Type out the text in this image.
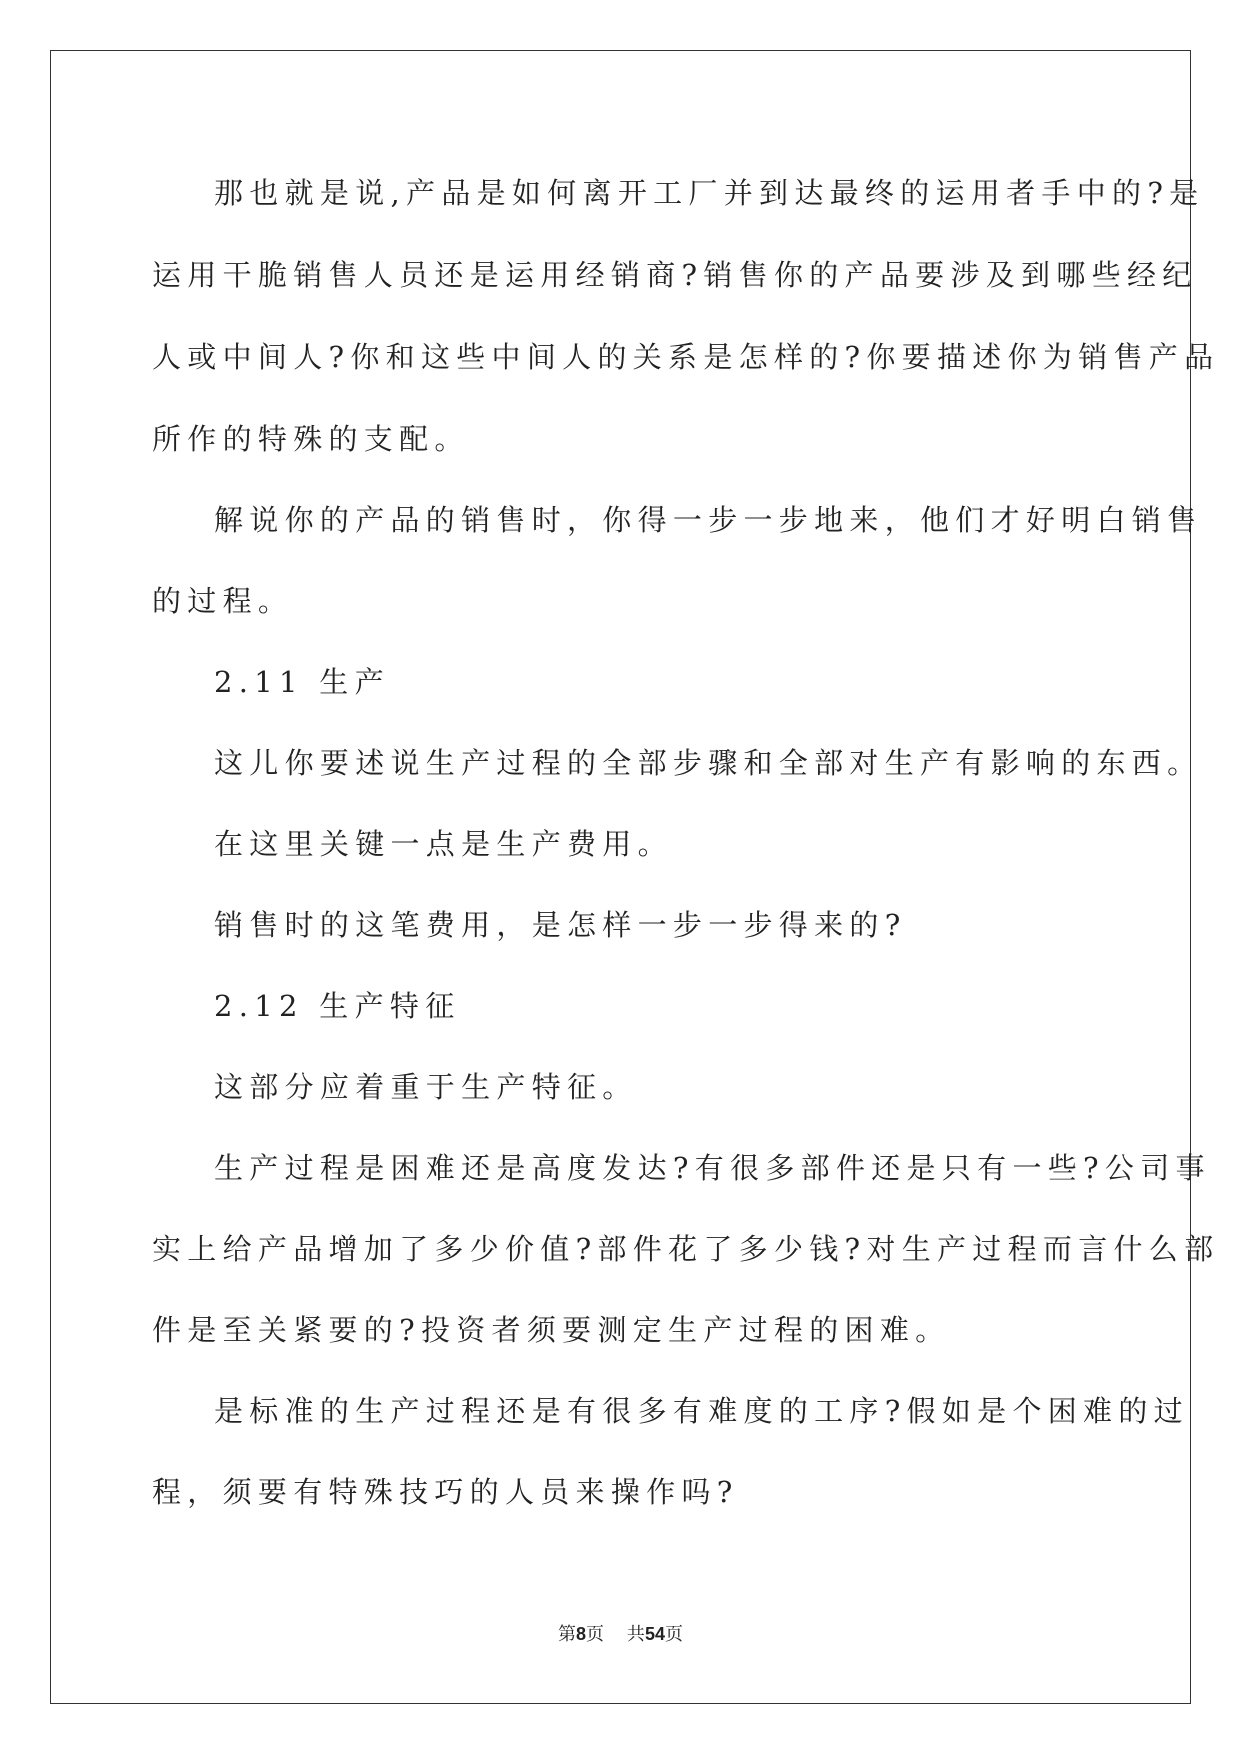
那也就是说,产品是如何离开工厂并到达最终的运用者手中的?是
运用干脆销售人员还是运用经销商?销售你的产品要涉及到哪些经纪
人或中间人?你和这些中间人的关系是怎样的?你要描述你为销售产品
所作的特殊的支配。
解说你的产品的销售时，你得一步一步地来，他们才好明白销售
的过程。
2.11 生产
这儿你要述说生产过程的全部步骤和全部对生产有影响的东西。
在这里关键一点是生产费用。
销售时的这笔费用，是怎样一步一步得来的?
2.12 生产特征
这部分应着重于生产特征。
生产过程是困难还是高度发达?有很多部件还是只有一些?公司事
实上给产品增加了多少价值?部件花了多少钱?对生产过程而言什么部
件是至关紧要的?投资者须要测定生产过程的困难。
是标准的生产过程还是有很多有难度的工序?假如是个困难的过
程，须要有特殊技巧的人员来操作吗?
第8页    共54页
